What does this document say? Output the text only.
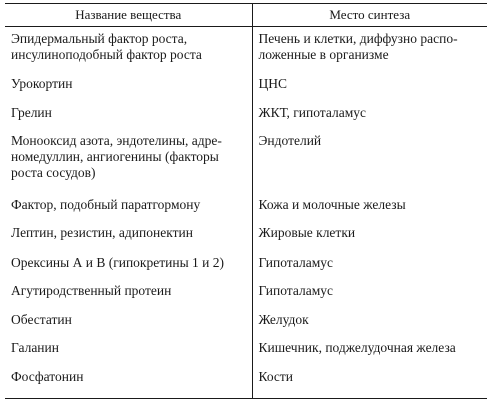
Название вещества	Место синтеза
Эпидермальный фактор роста, инсулиноподобный фактор роста	Печень и клетки, диффузно распо-ложенные в организме
Урокортин	ЦНС
Грелин	ЖКТ, гипоталамус
Монооксид азота, эндотелины, адре-номедуллин, ангиогенины (факторы роста сосудов)	Эндотелий
Фактор, подобный паратгормону	Кожа и молочные железы
Лептин, резистин, адипонектин	Жировые клетки
Орексины А и В (гипокретины 1 и 2)	Гипоталамус
Агутиродственный протеин	Гипоталамус
Обестатин	Желудок
Галанин	Кишечник, поджелудочная железа
Фосфатонин	Кости
